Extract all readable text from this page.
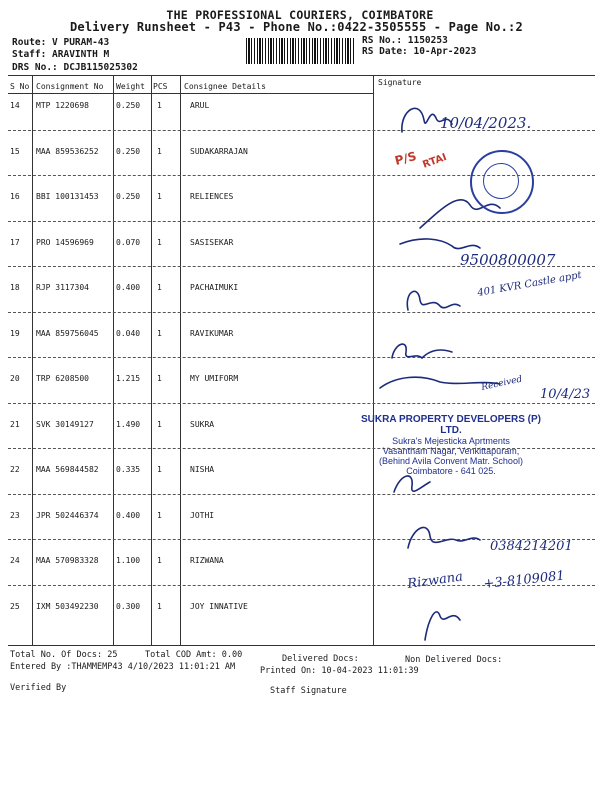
THE PROFESSIONAL COURIERS, COIMBATORE
Delivery Runsheet - P43 - Phone No.:0422-3505555 - Page No.:2
Route: V PURAM-43
Staff: ARAVINTH M
DRS No.: DCJB115025302
RS No.: 1150253
RS Date: 10-Apr-2023
S No Consignment No Weight PCS Consignee Details	Signature
14 MTP 1220698	0.250 1	ARUL
15 MAA 859536252 0.250 1	SUDAKARRAJAN
16 BBI 100131453 0.250 1	RELIENCES
17 PRO 14596969	0.070 1	SASISEKAR
18 RJP 3117304	0.400 1	PACHAIMUKI
19 MAA 859756045 0.040 1	RAVIKUMAR
20 TRP 6208500	1.215 1	MY UMIFORM
21 SVK 30149127	1.490 1	SUKRA
22 MAA 569844582 0.335 1	NISHA
23 JPR 502446374 0.400 1	JOTHI
24 MAA 570983328 1.100 1	RIZWANA
25 IXM 503492230 0.300 1	JOY INNATIVE
10/04/2023.
9500800007
401 KVR Castle appt
10/4/23
Received
0384214201
Rizwana +3-8109081
P/S RTAI
SUKRA PROPERTY DEVELOPERS (P) LTD.
Sukra's Mejesticka Aprtments
Vasantham Nagar, Venkittapuram,
(Behind Avila Convent Matr. School)
Coimbatore - 641 025.
Total No. Of Docs: 25	Total COD Amt: 0.00	Delivered Docs:	Non Delivered Docs:
Entered By :THAMMEMP43 4/10/2023 11:01:21 AM	Printed On: 10-04-2023 11:01:39
Verified By	Staff Signature
